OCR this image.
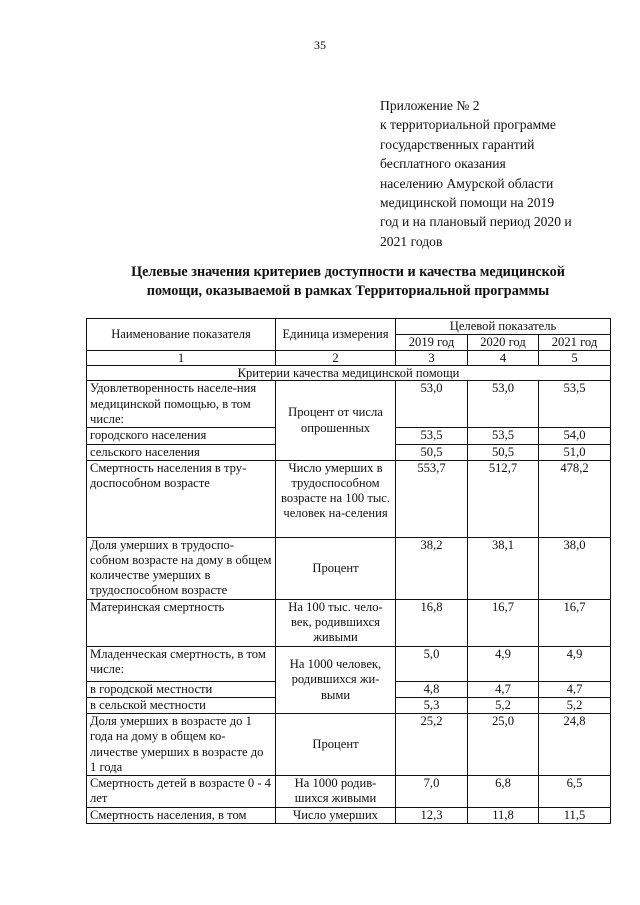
35
Приложение № 2
к территориальной программе
государственных гарантий
бесплатного оказания
населению Амурской области
медицинской помощи на 2019
год и на плановый период 2020 и
2021 годов
Целевые значения критериев доступности и качества медицинской
помощи, оказываемой в рамках Территориальной программы
Наименование показателя	Единица измерения	Целевой показатель		
		2019 год	2020 год	2021 год
1	2	3	4	5
Критерии качества медицинской помощи				
Удовлетворенность населе-ния медицинской помощью, в том числе:	Процент от числа опрошенных	53,0	53,0	53,5
городского населения		53,5	53,5	54,0
сельского населения		50,5	50,5	51,0
Смертность населения в тру-доспособном возрасте	Число умерших в трудоспособном возрасте на 100 тыс. человек на-селения	553,7	512,7	478,2
Доля умерших в трудоспо-собном возрасте на дому в общем количестве умерших в трудоспособном возрасте	Процент	38,2	38,1	38,0
Материнская смертность	На 100 тыс. чело-век, родившихся живыми	16,8	16,7	16,7
Младенческая смертность, в том числе:	На 1000 человек, родившихся жи-выми	5,0	4,9	4,9
в городской местности		4,8	4,7	4,7
в сельской местности		5,3	5,2	5,2
Доля умерших в возрасте до 1 года на дому в общем ко-личестве умерших в возрасте до 1 года	Процент	25,2	25,0	24,8
Смертность детей в возрасте 0 - 4 лет	На 1000 родив-шихся живыми	7,0	6,8	6,5
Смертность населения, в том	Число умерших	12,3	11,8	11,5
